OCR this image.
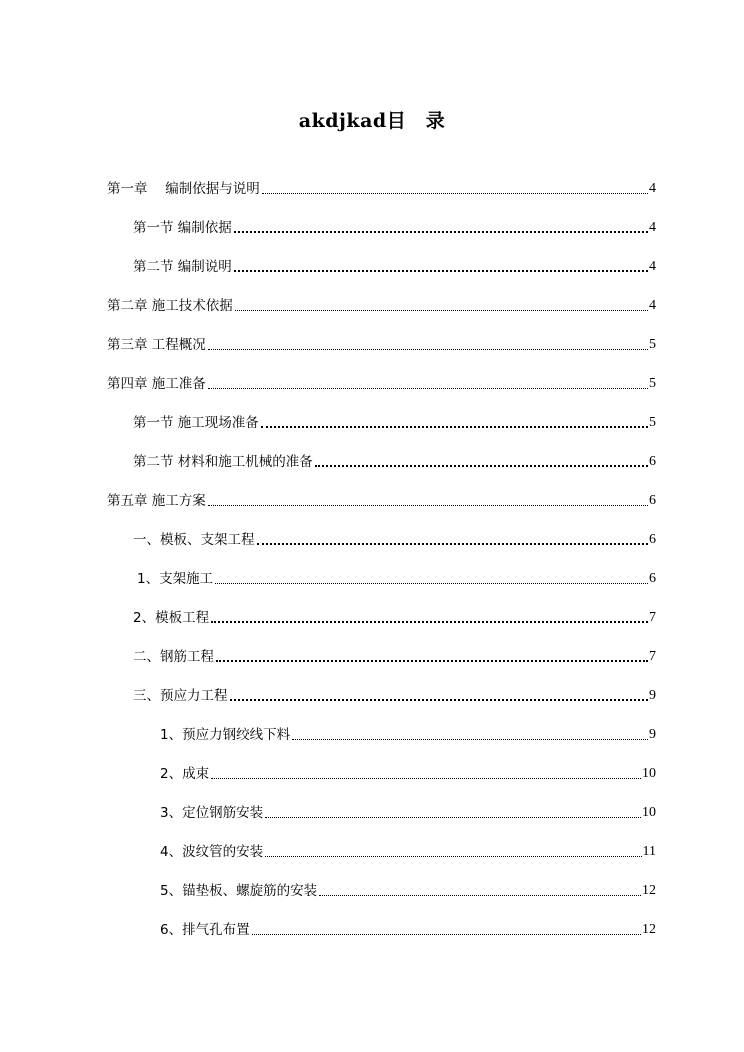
akdjkad目　录
第一章　 编制依据与说明	4
第一节 编制依据	4
第二节 编制说明	4
第二章 施工技术依据	4
第三章 工程概况	5
第四章 施工准备	5
第一节 施工现场准备	5
第二节 材料和施工机械的准备	6
第五章 施工方案	6
一、模板、支架工程	6
1、支架施工	6
2、模板工程	7
二、钢筋工程	7
三、预应力工程	9
1、预应力钢绞线下料	9
2、成束	10
3、定位钢筋安装	10
4、波纹管的安装	11
5、锚垫板、螺旋筋的安装	12
6、排气孔布置	12
